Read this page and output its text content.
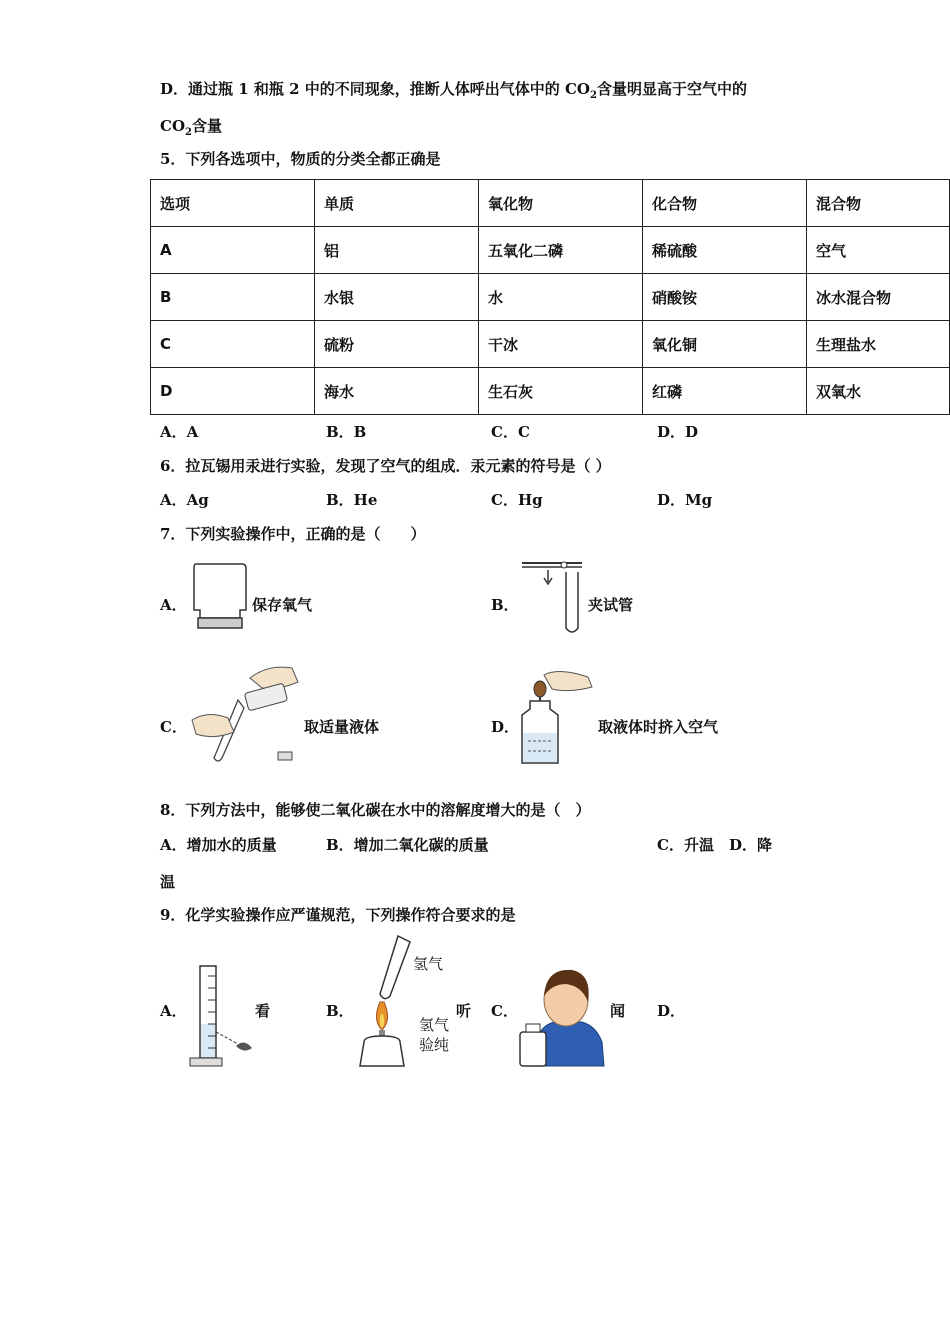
D．通过瓶 1 和瓶 2 中的不同现象，推断人体呼出气体中的 $CO_2$含量明显高于空气中的
$CO_2$含量
5．下列各选项中，物质的分类全都正确是
选项	单质	氧化物	化合物	混合物
A	铝	五氧化二磷	稀硫酸	空气
B	水银	水	硝酸铵	冰水混合物
C	硫粉	干冰	氧化铜	生理盐水
D	海水	生石灰	红磷	双氧水
A．A	B．B	C．C	D．D
6．拉瓦锡用汞进行实验，发现了空气的组成．汞元素的符号是（ ）
A．Ag	B．He	C．Hg	D．Mg
7．下列实验操作中，正确的是（　　）
A．	保存氧气	B．	夹试管
C．	取适量液体	D．	取液体时挤入空气
8．下列方法中，能够使二氧化碳在水中的溶解度增大的是（　）
A．增加水的质量	B．增加二氧化碳的质量	C．升温　D．降
温
9．化学实验操作应严谨规范，下列操作符合要求的是
A．	看	B．
氢气
氢气
验纯
听 C．	闻 D．
